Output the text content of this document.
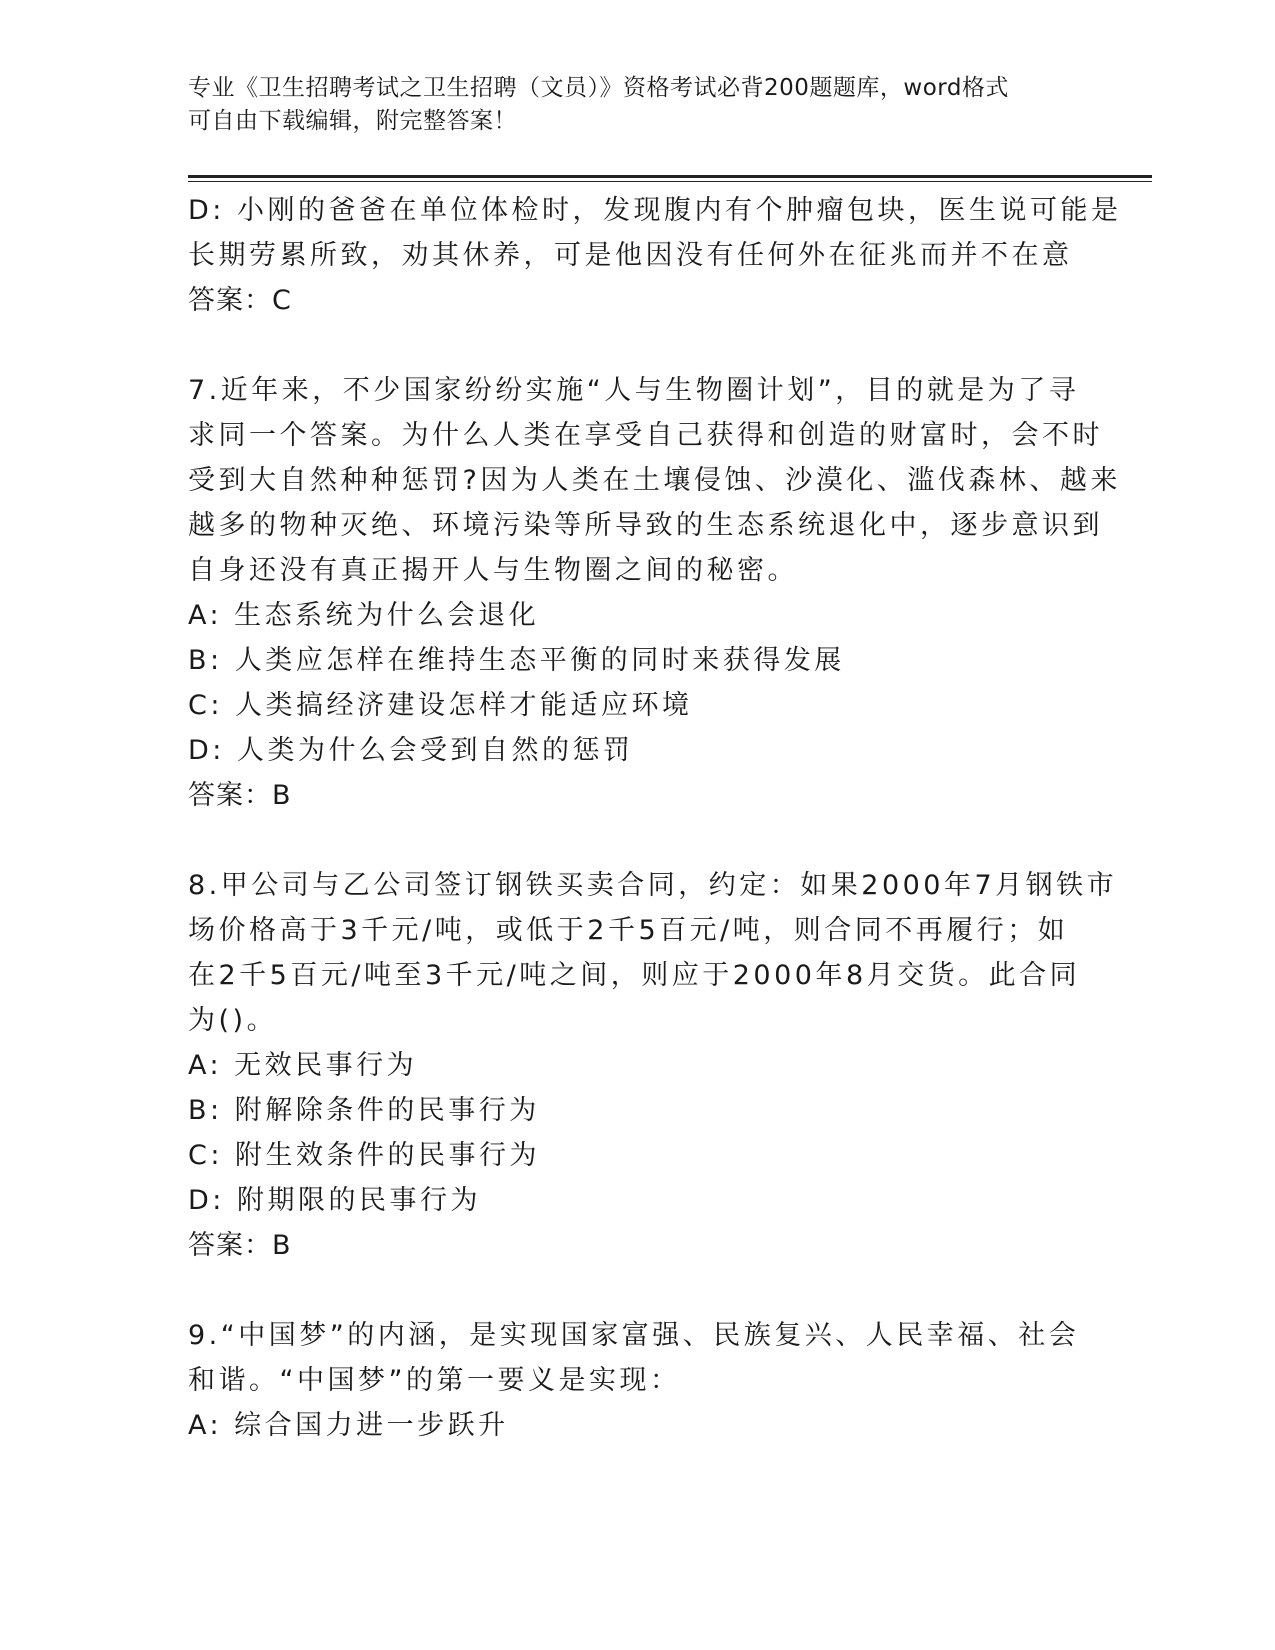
专业《卫生招聘考试之卫生招聘（文员）》资格考试必背200题题库，word格式
可自由下载编辑，附完整答案！
D: 小刚的爸爸在单位体检时，发现腹内有个肿瘤包块，医生说可能是
长期劳累所致，劝其休养，可是他因没有任何外在征兆而并不在意
答案：C
7.近年来，不少国家纷纷实施“人与生物圈计划”，目的就是为了寻
求同一个答案。为什么人类在享受自己获得和创造的财富时，会不时
受到大自然种种惩罚?因为人类在土壤侵蚀、沙漠化、滥伐森林、越来
越多的物种灭绝、环境污染等所导致的生态系统退化中，逐步意识到
自身还没有真正揭开人与生物圈之间的秘密。
A: 生态系统为什么会退化
B: 人类应怎样在维持生态平衡的同时来获得发展
C: 人类搞经济建设怎样才能适应环境
D: 人类为什么会受到自然的惩罚
答案：B
8.甲公司与乙公司签订钢铁买卖合同，约定：如果2000年7月钢铁市
场价格高于3千元/吨，或低于2千5百元/吨，则合同不再履行；如
在2千5百元/吨至3千元/吨之间，则应于2000年8月交货。此合同
为()。
A: 无效民事行为
B: 附解除条件的民事行为
C: 附生效条件的民事行为
D: 附期限的民事行为
答案：B
9.“中国梦”的内涵，是实现国家富强、民族复兴、人民幸福、社会
和谐。“中国梦”的第一要义是实现：
A: 综合国力进一步跃升
